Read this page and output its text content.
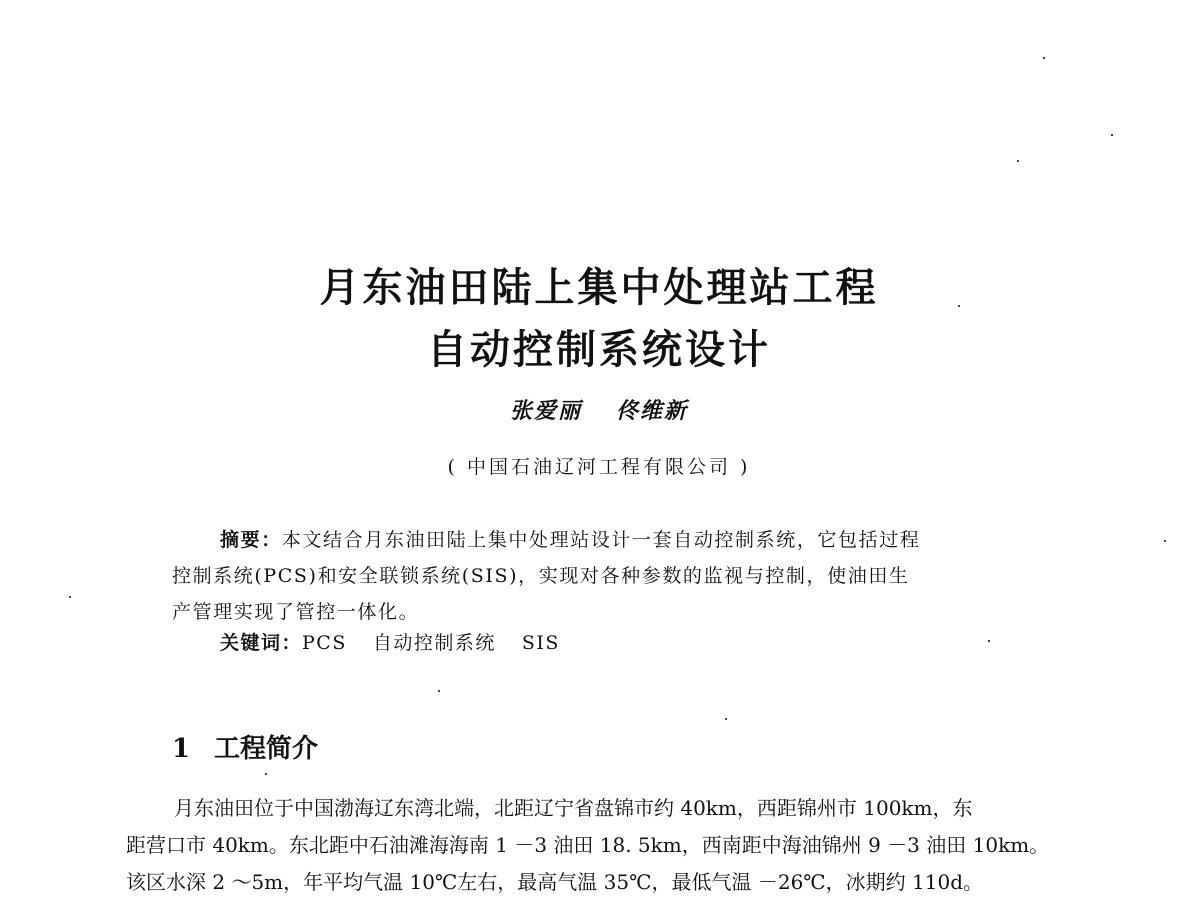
月东油田陆上集中处理站工程
自动控制系统设计
张爱丽 佟维新
( 中国石油辽河工程有限公司 )
摘要：本文结合月东油田陆上集中处理站设计一套自动控制系统，它包括过程
控制系统(PCS)和安全联锁系统(SIS)，实现对各种参数的监视与控制，使油田生
产管理实现了管控一体化。
关键词：PCS 自动控制系统 SIS
1 工程简介
月东油田位于中国渤海辽东湾北端，北距辽宁省盘锦市约 40km，西距锦州市 100km，东
距营口市 40km。东北距中石油滩海海南 1 －3 油田 18. 5km，西南距中海油锦州 9 －3 油田 10km。
该区水深 2 ～5m，年平均气温 10℃左右，最高气温 35℃，最低气温 －26℃，冰期约 110d。
